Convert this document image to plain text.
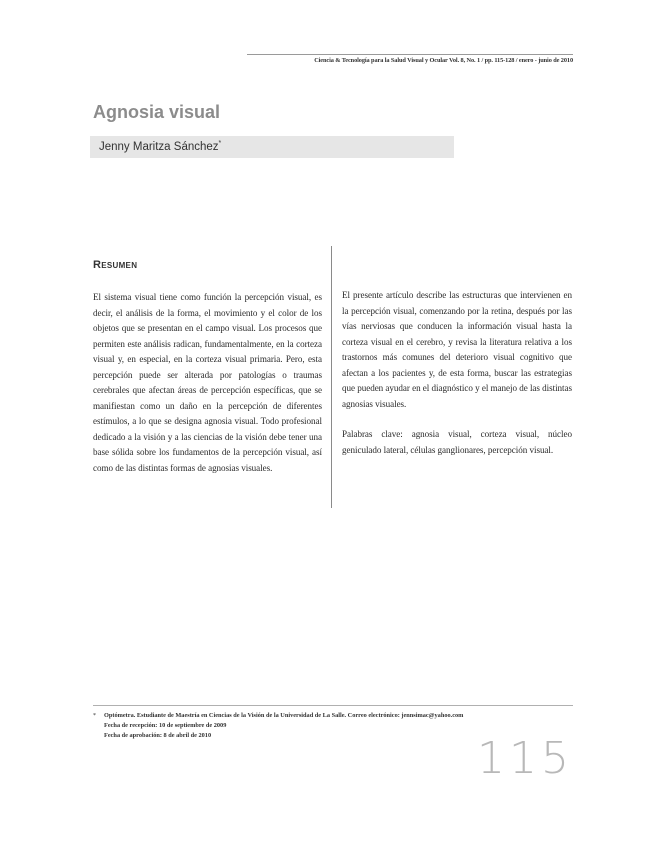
Ciencia & Tecnología para la Salud Visual y Ocular Vol. 8, No. 1 / pp. 115-128 / enero - junio de 2010
Agnosia visual
Jenny Maritza Sánchez*
Resumen

El sistema visual tiene como función la percepción visual, es decir, el análisis de la forma, el movimiento y el color de los objetos que se presentan en el campo visual. Los procesos que permiten este análisis radican, fundamentalmente, en la corteza visual y, en especial, en la corteza visual primaria. Pero, esta percepción puede ser alterada por patologías o traumas cerebrales que afectan áreas de percepción específicas, que se manifiestan como un daño en la percepción de diferentes estímulos, a lo que se designa agnosia visual. Todo profesional dedicado a la visión y a las ciencias de la visión debe tener una base sólida sobre los fundamentos de la percepción visual, así como de las distintas formas de agnosias visuales.

El presente artículo describe las estructuras que intervienen en la percepción visual, comenzando por la retina, después por las vías nerviosas que conducen la información visual hasta la corteza visual en el cerebro, y revisa la literatura relativa a los trastornos más comunes del deterioro visual cognitivo que afectan a los pacientes y, de esta forma, buscar las estrategias que pueden ayudar en el diagnóstico y el manejo de las distintas agnosias visuales.

Palabras clave: agnosia visual, corteza visual, núcleo geniculado lateral, células ganglionares, percepción visual.

* Optómetra. Estudiante de Maestría en Ciencias de la Visión de la Universidad de La Salle. Correo electrónico: jennsimac@yahoo.com
Fecha de recepción: 10 de septiembre de 2009
Fecha de aprobación: 8 de abril de 2010	115
